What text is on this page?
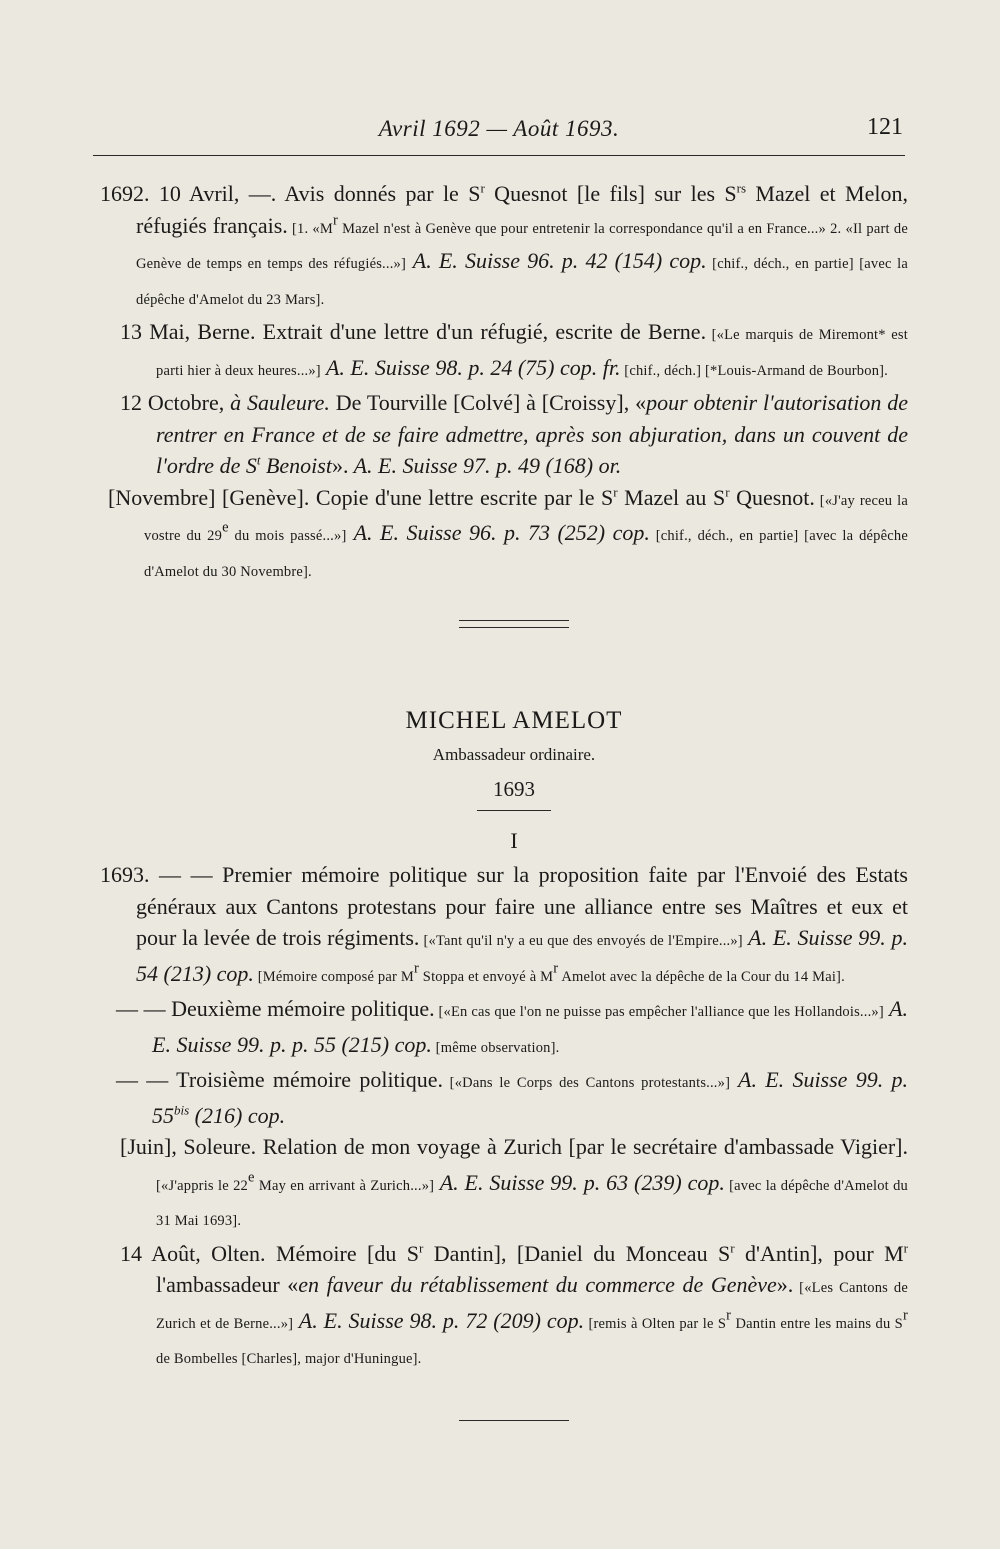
Avril 1692 — Août 1693.	121

1692. 10 Avril, —. Avis donnés par le $S^r$ Quesnot [le fils] sur les $S^{rs}$ Mazel et Melon, réfugiés français. [1. «$M^r$ Mazel n'est à Genève que pour entretenir la correspondance qu'il a en France...» 2. «Il part de Genève de temps en temps des réfugiés...»] A. E. Suisse 96. p. 42 (154) cop. [chif., déch., en partie] [avec la dépêche d'Amelot du 23 Mars].

13 Mai, Berne. Extrait d'une lettre d'un réfugié, escrite de Berne. [«Le marquis de Miremont* est parti hier à deux heures...»] A. E. Suisse 98. p. 24 (75) cop. fr. [chif., déch.] [*Louis-Armand de Bourbon].

12 Octobre, à Sauleure. De Tourville [Colvé] à [Croissy], «pour obtenir l'autorisation de rentrer en France et de se faire admettre, après son abjuration, dans un couvent de l'ordre de $S^t$ Benoist». A. E. Suisse 97. p. 49 (168) or.

[Novembre] [Genève]. Copie d'une lettre escrite par le $S^r$ Mazel au $S^r$ Quesnot. [«J'ay receu la vostre du 29e du mois passé...»] A. E. Suisse 96. p. 73 (252) cop. [chif., déch., en partie] [avec la dépêche d'Amelot du 30 Novembre].

MICHEL AMELOT
Ambassadeur ordinaire.
1693
I

1693. — — Premier mémoire politique sur la proposition faite par l'Envoié des Estats généraux aux Cantons protestans pour faire une alliance entre ses Maîtres et eux et pour la levée de trois régiments. [«Tant qu'il n'y a eu que des envoyés de l'Empire...»] A. E. Suisse 99. p. 54 (213) cop. [Mémoire composé par $M^r$ Stoppa et envoyé à $M^r$ Amelot avec la dépêche de la Cour du 14 Mai].

— — Deuxième mémoire politique. [«En cas que l'on ne puisse pas empêcher l'alliance que les Hollandois...»] A. E. Suisse 99. p. p. 55 (215) cop. [même observation].

— — Troisième mémoire politique. [«Dans le Corps des Cantons protestants...»] A. E. Suisse 99. p. $55^{bis}$ (216) cop.

[Juin], Soleure. Relation de mon voyage à Zurich [par le secrétaire d'ambassade Vigier]. [«J'appris le 22e May en arrivant à Zurich...»] A. E. Suisse 99. p. 63 (239) cop. [avec la dépêche d'Amelot du 31 Mai 1693].

14 Août, Olten. Mémoire [du $S^r$ Dantin], [Daniel du Monceau $S^r$ d'Antin], pour $M^r$ l'ambassadeur «en faveur du rétablissement du commerce de Genève». [«Les Cantons de Zurich et de Berne...»] A. E. Suisse 98. p. 72 (209) cop. [remis à Olten par le $S^r$ Dantin entre les mains du $S^r$ de Bombelles [Charles], major d'Huningue].
